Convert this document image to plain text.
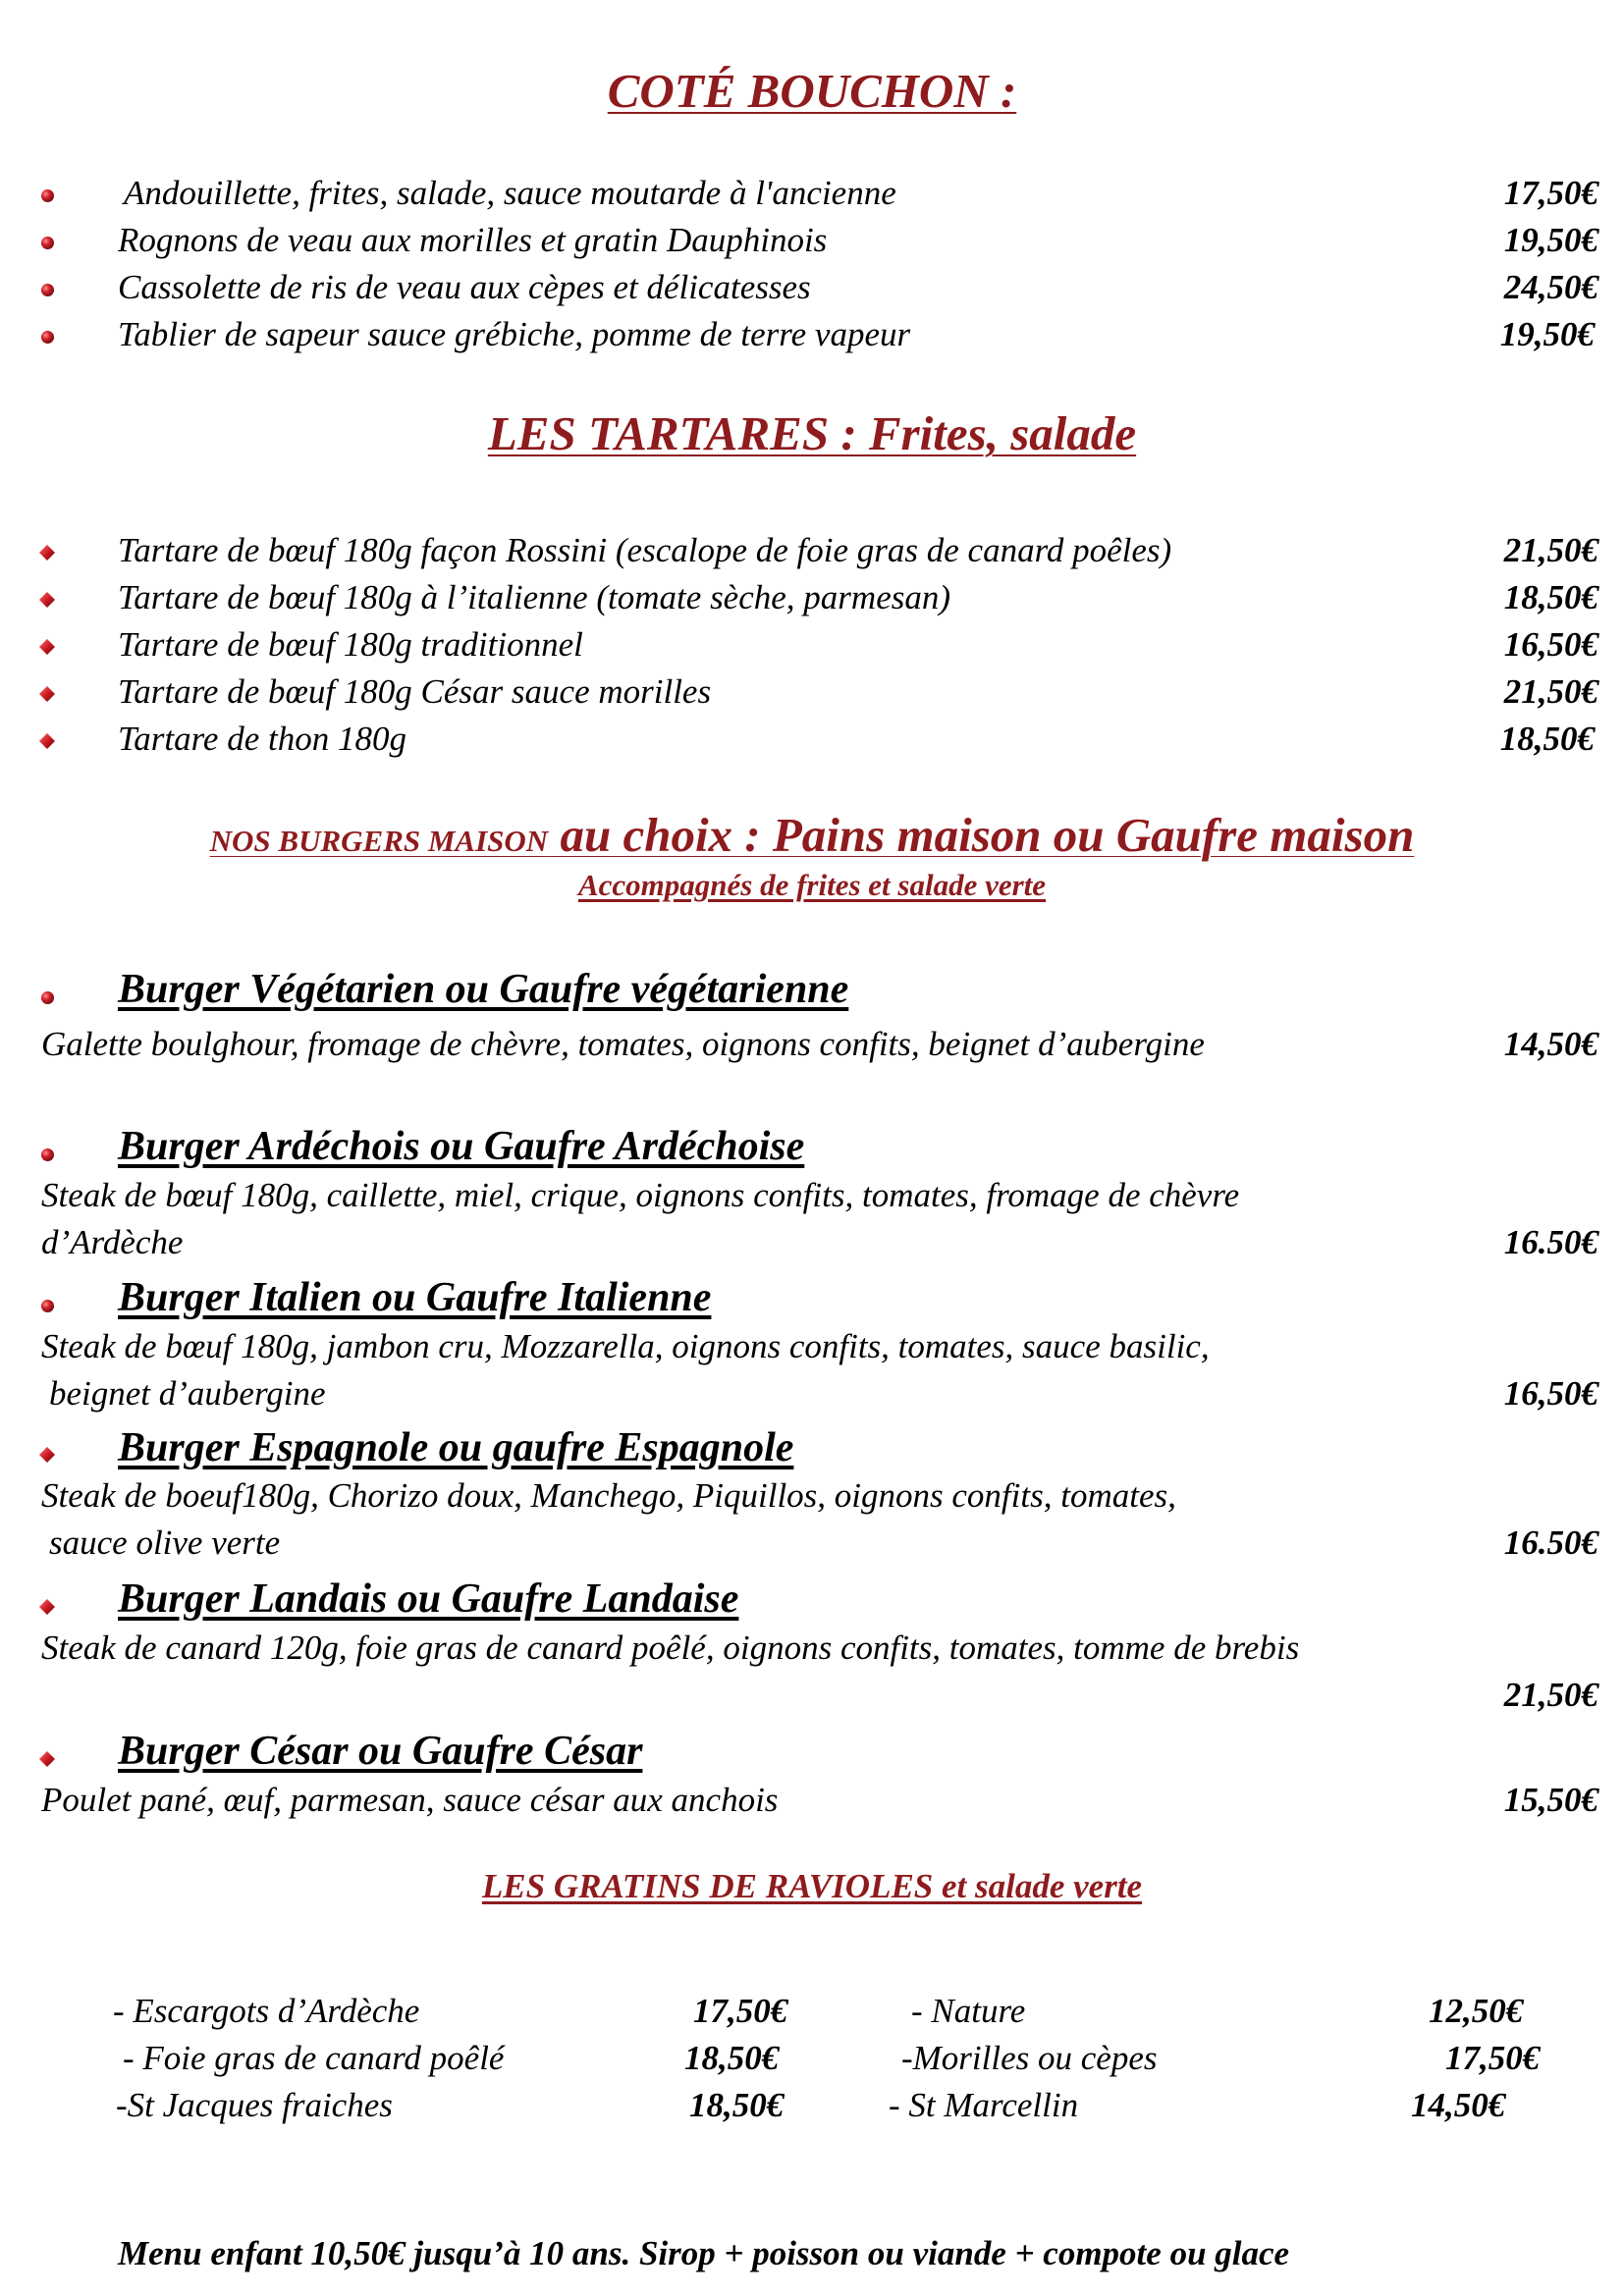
COTÉ BOUCHON :
Andouillette, frites, salade, sauce moutarde à l'ancienne	17,50€
Rognons de veau aux morilles et gratin Dauphinois	19,50€
Cassolette de ris de veau aux cèpes et délicatesses	24,50€
Tablier de sapeur sauce grébiche, pomme de terre vapeur	19,50€
LES TARTARES : Frites, salade
Tartare de bœuf 180g façon Rossini (escalope de foie gras de canard poêles)	21,50€
Tartare de bœuf 180g à l’italienne (tomate sèche, parmesan)	18,50€
Tartare de bœuf 180g traditionnel	16,50€
Tartare de bœuf 180g César sauce morilles	21,50€
Tartare de thon 180g	18,50€
NOS BURGERS MAISON au choix : Pains maison ou Gaufre maison
Accompagnés de frites et salade verte
Burger Végétarien ou Gaufre végétarienne
Galette boulghour, fromage de chèvre, tomates, oignons confits, beignet d’aubergine	14,50€
Burger Ardéchois ou Gaufre Ardéchoise
Steak de bœuf 180g, caillette, miel, crique, oignons confits, tomates, fromage de chèvre
d’Ardèche	16.50€
Burger Italien ou Gaufre Italienne
Steak de bœuf 180g, jambon cru, Mozzarella, oignons confits, tomates, sauce basilic,
beignet d’aubergine	16,50€
Burger Espagnole ou gaufre Espagnole
Steak de boeuf180g, Chorizo doux, Manchego, Piquillos, oignons confits, tomates,
sauce olive verte	16.50€
Burger Landais ou Gaufre Landaise
Steak de canard 120g, foie gras de canard poêlé, oignons confits, tomates, tomme de brebis
21,50€
Burger César ou Gaufre César
Poulet pané, œuf, parmesan, sauce césar aux anchois	15,50€
LES GRATINS DE RAVIOLES et salade verte
- Escargots d’Ardèche	17,50€	- Nature	12,50€
- Foie gras de canard poêlé	18,50€	-Morilles ou cèpes	17,50€
-St Jacques fraiches	18,50€	- St Marcellin	14,50€
Menu enfant 10,50€ jusqu’à 10 ans. Sirop + poisson ou viande + compote ou glace
